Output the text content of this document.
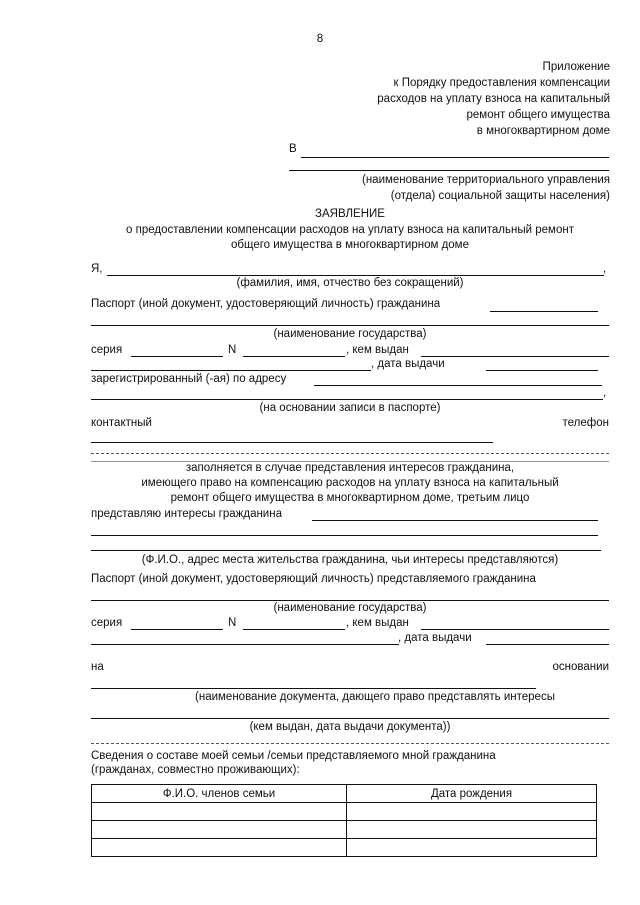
8
Приложение
к Порядку предоставления компенсации
расходов на уплату взноса на капитальный
ремонт общего имущества
в многоквартирном доме
В
(наименование территориального управления
(отдела) социальной защиты населения)
ЗАЯВЛЕНИЕ
о предоставлении компенсации расходов на уплату взноса на капитальный ремонт
общего имущества в многоквартирном доме
Я,	,
(фамилия, имя, отчество без сокращений)
Паспорт (иной документ, удостоверяющий личность) гражданина
(наименование государства)
серия	N	, кем выдан
, дата выдачи
зарегистрированный (-ая) по адресу
,
(на основании записи в паспорте)
контактный	телефон
заполняется в случае представления интересов гражданина,
имеющего право на компенсацию расходов на уплату взноса на капитальный
ремонт общего имущества в многоквартирном доме, третьим лицо
представляю интересы гражданина
(Ф.И.О., адрес места жительства гражданина, чьи интересы представляются)
Паспорт (иной документ, удостоверяющий личность) представляемого гражданина
(наименование государства)
серия	N	, кем выдан
, дата выдачи
на	основании
(наименование документа, дающего право представлять интересы
(кем выдан, дата выдачи документа))
Сведения о составе моей семьи /семьи представляемого мной гражданина
(гражданах, совместно проживающих):
Ф.И.О. членов семьи	Дата рождения
